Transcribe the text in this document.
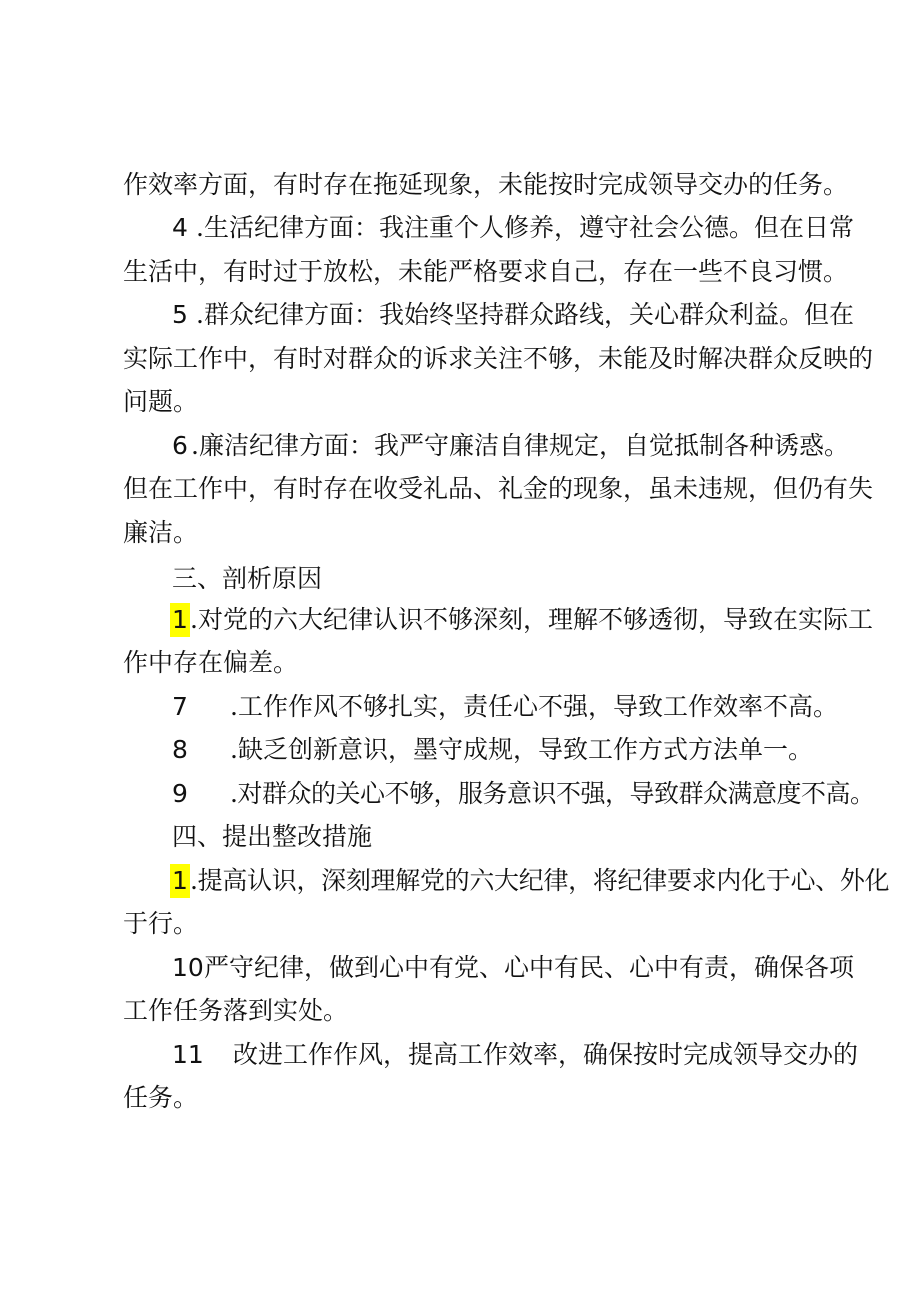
作效率方面，有时存在拖延现象，未能按时完成领导交办的任务。
4 .生活纪律方面：我注重个人修养，遵守社会公德。但在日常
生活中，有时过于放松，未能严格要求自己，存在一些不良习惯。
5 .群众纪律方面：我始终坚持群众路线，关心群众利益。但在
实际工作中，有时对群众的诉求关注不够，未能及时解决群众反映的
问题。
6 .廉洁纪律方面：我严守廉洁自律规定，自觉抵制各种诱惑。
但在工作中，有时存在收受礼品、礼金的现象，虽未违规，但仍有失
廉洁。
三、剖析原因
1 .对党的六大纪律认识不够深刻，理解不够透彻，导致在实际工
作中存在偏差。
7 .工作作风不够扎实，责任心不强，导致工作效率不高。
8 .缺乏创新意识，墨守成规，导致工作方式方法单一。
9 .对群众的关心不够，服务意识不强，导致群众满意度不高。
四、提出整改措施
1 .提高认识，深刻理解党的六大纪律，将纪律要求内化于心、外化
于行。
10 严守纪律，做到心中有党、心中有民、心中有责，确保各项
工作任务落到实处。
11 改进工作作风，提高工作效率，确保按时完成领导交办的
任务。
